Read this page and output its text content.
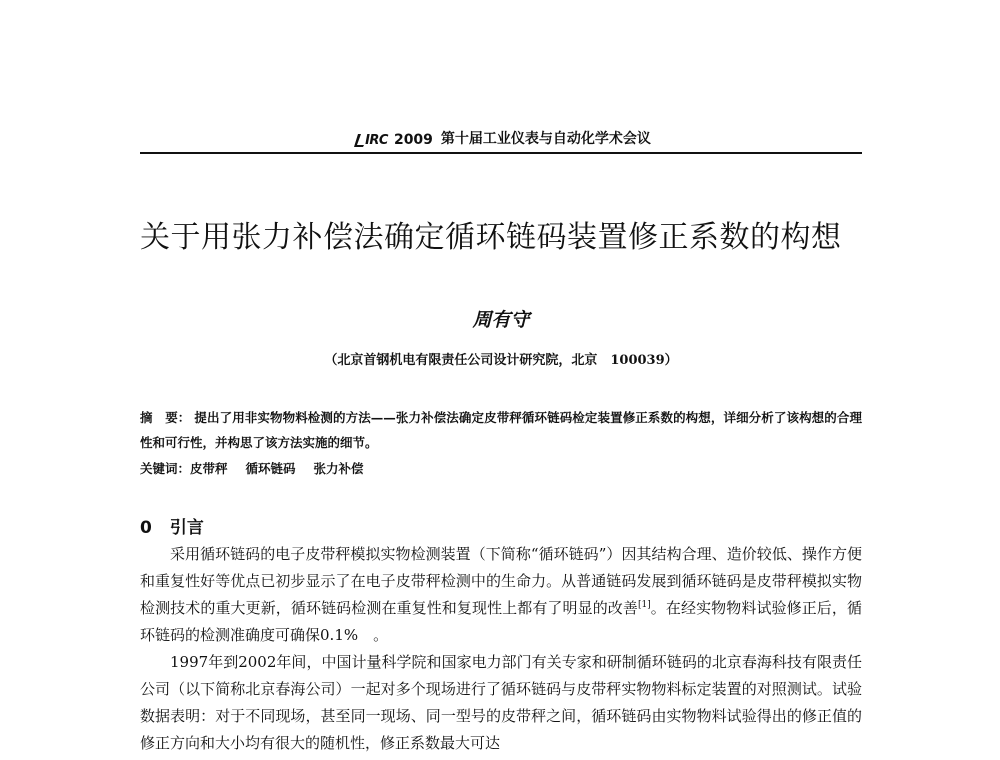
IRC 2009 第十届工业仪表与自动化学术会议
关于用张力补偿法确定循环链码装置修正系数的构想
周有守
（北京首钢机电有限责任公司设计研究院，北京　100039）
摘　要： 提出了用非实物物料检测的方法——张力补偿法确定皮带秤循环链码检定装置修正系数的构想，详细分析了该构想的合理性和可行性，并构思了该方法实施的细节。
关键词：皮带秤 循环链码 张力补偿
0 引言

采用循环链码的电子皮带秤模拟实物检测装置（下简称“循环链码”）因其结构合理、造价较低、操作方便和重复性好等优点已初步显示了在电子皮带秤检测中的生命力。从普通链码发展到循环链码是皮带秤模拟实物检测技术的重大更新，循环链码检测在重复性和复现性上都有了明显的改善[1]。在经实物物料试验修正后，循环链码的检测准确度可确保0.1%　。

1997年到2002年间，中国计量科学院和国家电力部门有关专家和研制循环链码的北京春海科技有限责任公司（以下简称北京春海公司）一起对多个现场进行了循环链码与皮带秤实物物料标定装置的对照测试。试验数据表明：对于不同现场，甚至同一现场、同一型号的皮带秤之间，循环链码由实物物料试验得出的修正值的修正方向和大小均有很大的随机性，修正系数最大可达
